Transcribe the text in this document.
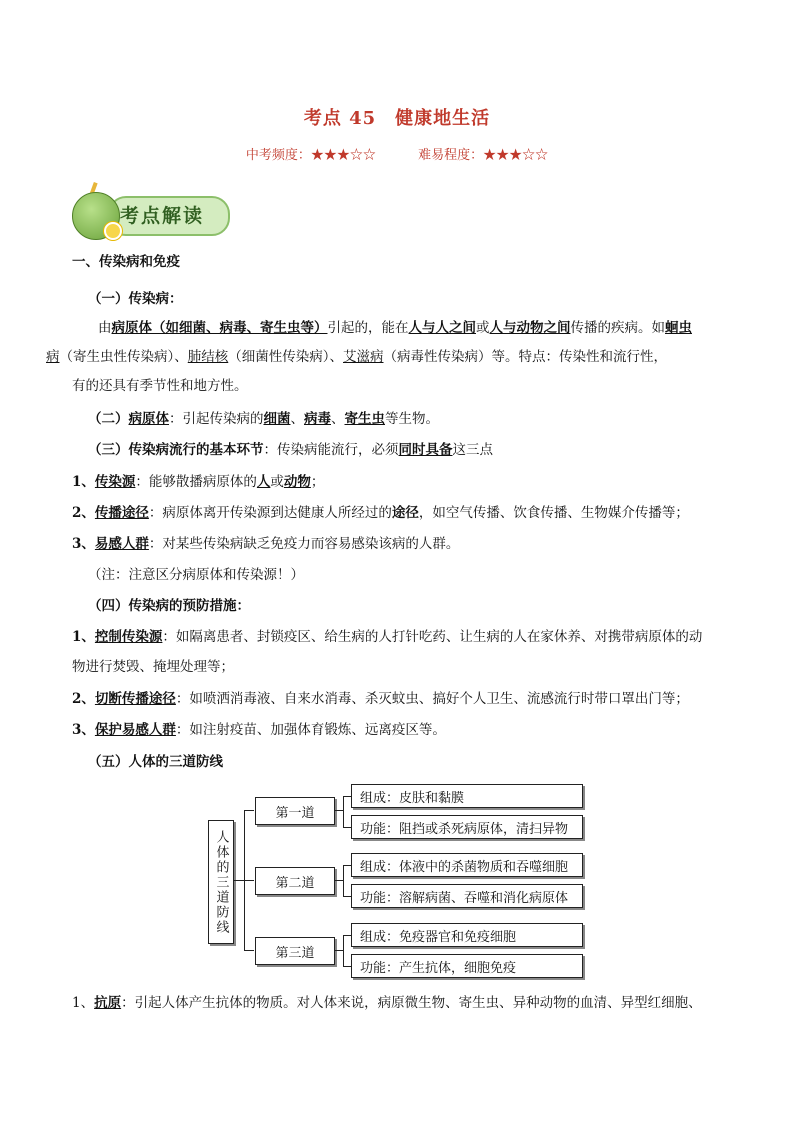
考点 45　健康地生活
中考频度：★★★☆☆	难易程度：★★★☆☆
考点解读
一、传染病和免疫
（一）传染病：
由病原体（如细菌、病毒、寄生虫等）引起的，能在人与人之间或人与动物之间传播的疾病。如蛔虫
病（寄生虫性传染病）、肺结核（细菌性传染病）、艾滋病（病毒性传染病）等。特点：传染性和流行性，
有的还具有季节性和地方性。
（二）病原体：引起传染病的细菌、病毒、寄生虫等生物。
（三）传染病流行的基本环节：传染病能流行，必须同时具备这三点
1、传染源：能够散播病原体的人或动物；
2、传播途径：病原体离开传染源到达健康人所经过的途径，如空气传播、饮食传播、生物媒介传播等；
3、易感人群：对某些传染病缺乏免疫力而容易感染该病的人群。
（注：注意区分病原体和传染源！）
（四）传染病的预防措施：
1、控制传染源：如隔离患者、封锁疫区、给生病的人打针吃药、让生病的人在家休养、对携带病原体的动
物进行焚毁、掩埋处理等；
2、切断传播途径：如喷洒消毒液、自来水消毒、杀灭蚊虫、搞好个人卫生、流感流行时带口罩出门等；
3、保护易感人群：如注射疫苗、加强体育锻炼、远离疫区等。
（五）人体的三道防线
人体的三道防线
第一道
第二道
第三道
组成：皮肤和黏膜
功能：阻挡或杀死病原体，清扫异物
组成：体液中的杀菌物质和吞噬细胞
功能：溶解病菌、吞噬和消化病原体
组成：免疫器官和免疫细胞
功能：产生抗体，细胞免疫
1、抗原：引起人体产生抗体的物质。对人体来说，病原微生物、寄生虫、异种动物的血清、异型红细胞、
